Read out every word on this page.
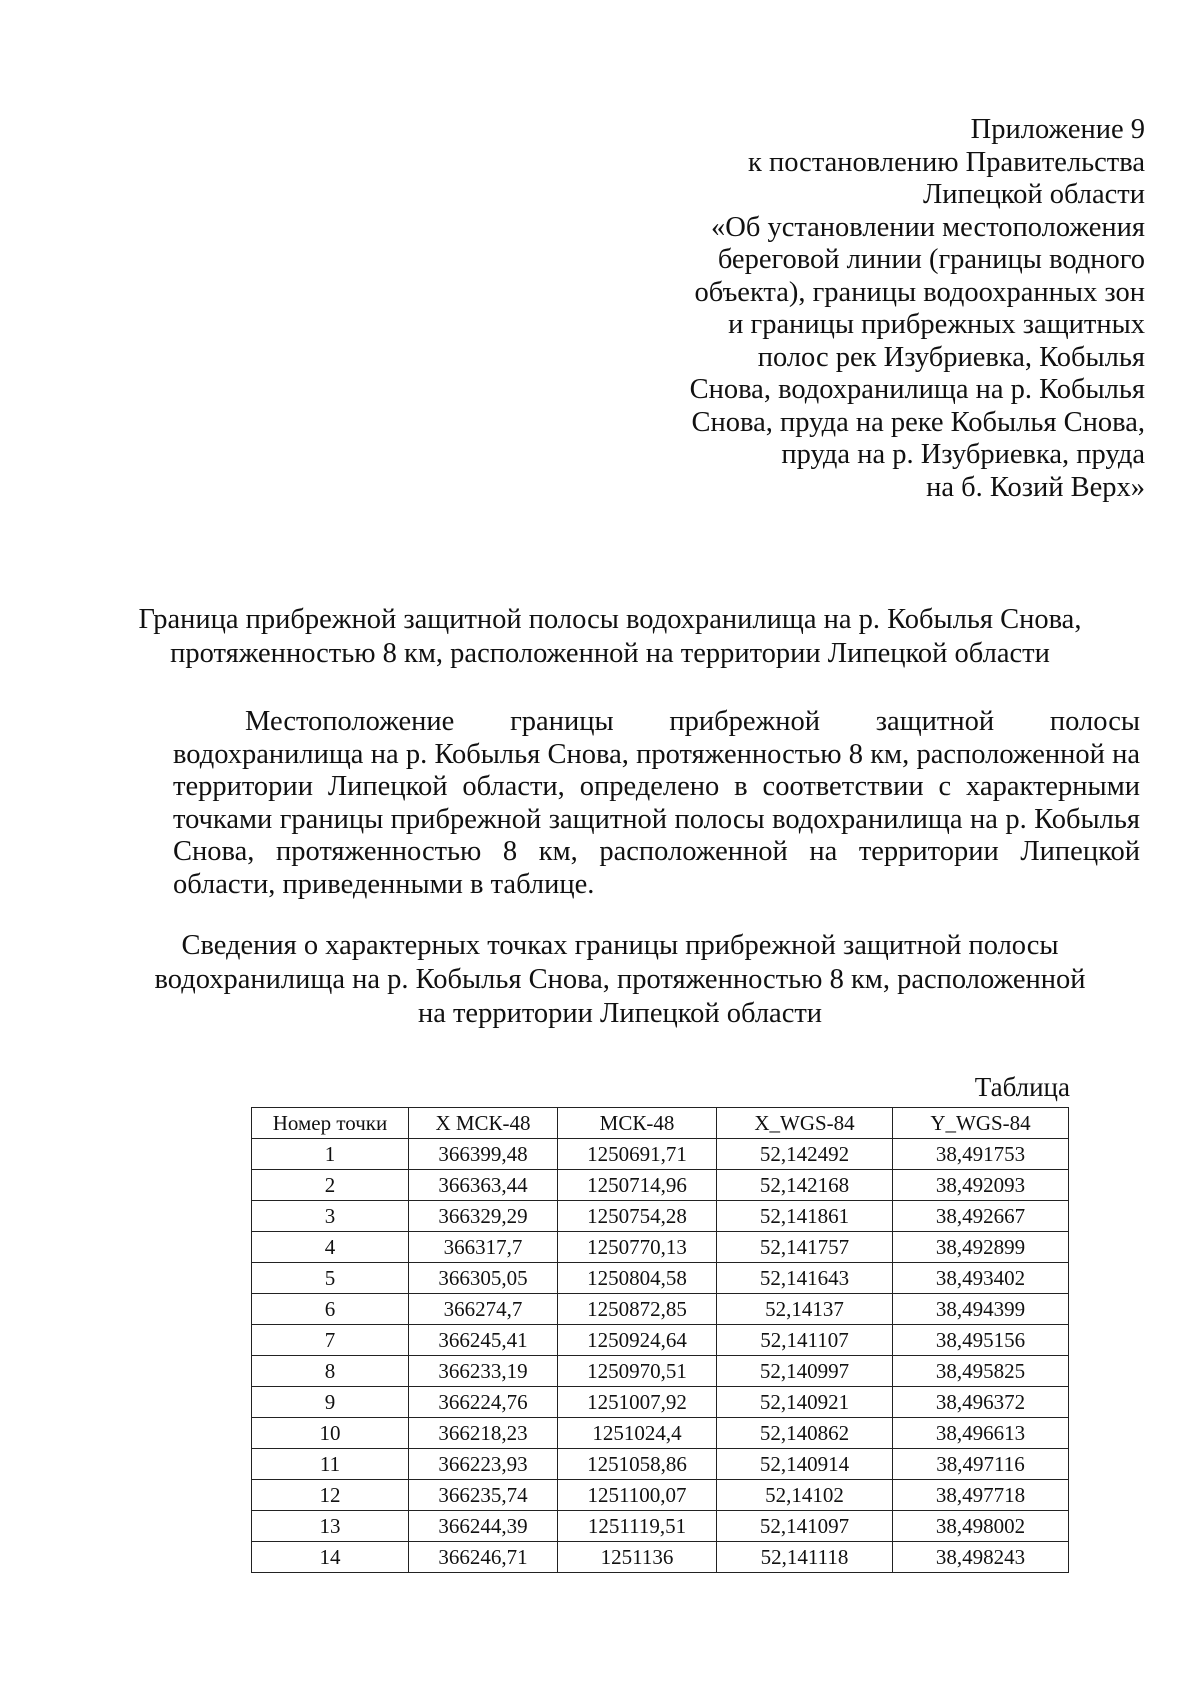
Приложение 9
к постановлению Правительства
Липецкой области
«Об установлении местоположения
береговой линии (границы водного
объекта), границы водоохранных зон
и границы прибрежных защитных
полос рек Изубриевка, Кобылья
Снова, водохранилища на р. Кобылья
Снова, пруда на реке Кобылья Снова,
пруда на р. Изубриевка, пруда
на б. Козий Верх»
Граница прибрежной защитной полосы водохранилища на р. Кобылья Снова,
протяженностью 8 км, расположенной на территории Липецкой области
Местоположение границы прибрежной защитной полосы водохранилища на р. Кобылья Снова, протяженностью 8 км, расположенной на территории Липецкой области, определено в соответствии с характерными точками границы прибрежной защитной полосы водохранилища на р. Кобылья Снова, протяженностью 8 км, расположенной на территории Липецкой области, приведенными в таблице.
Сведения о характерных точках границы прибрежной защитной полосы
водохранилища на р. Кобылья Снова, протяженностью 8 км, расположенной
на территории Липецкой области
Таблица
Номер точки	X МСК-48	МСК-48	X_WGS-84	Y_WGS-84
1	366399,48	1250691,71	52,142492	38,491753
2	366363,44	1250714,96	52,142168	38,492093
3	366329,29	1250754,28	52,141861	38,492667
4	366317,7	1250770,13	52,141757	38,492899
5	366305,05	1250804,58	52,141643	38,493402
6	366274,7	1250872,85	52,14137	38,494399
7	366245,41	1250924,64	52,141107	38,495156
8	366233,19	1250970,51	52,140997	38,495825
9	366224,76	1251007,92	52,140921	38,496372
10	366218,23	1251024,4	52,140862	38,496613
11	366223,93	1251058,86	52,140914	38,497116
12	366235,74	1251100,07	52,14102	38,497718
13	366244,39	1251119,51	52,141097	38,498002
14	366246,71	1251136	52,141118	38,498243
